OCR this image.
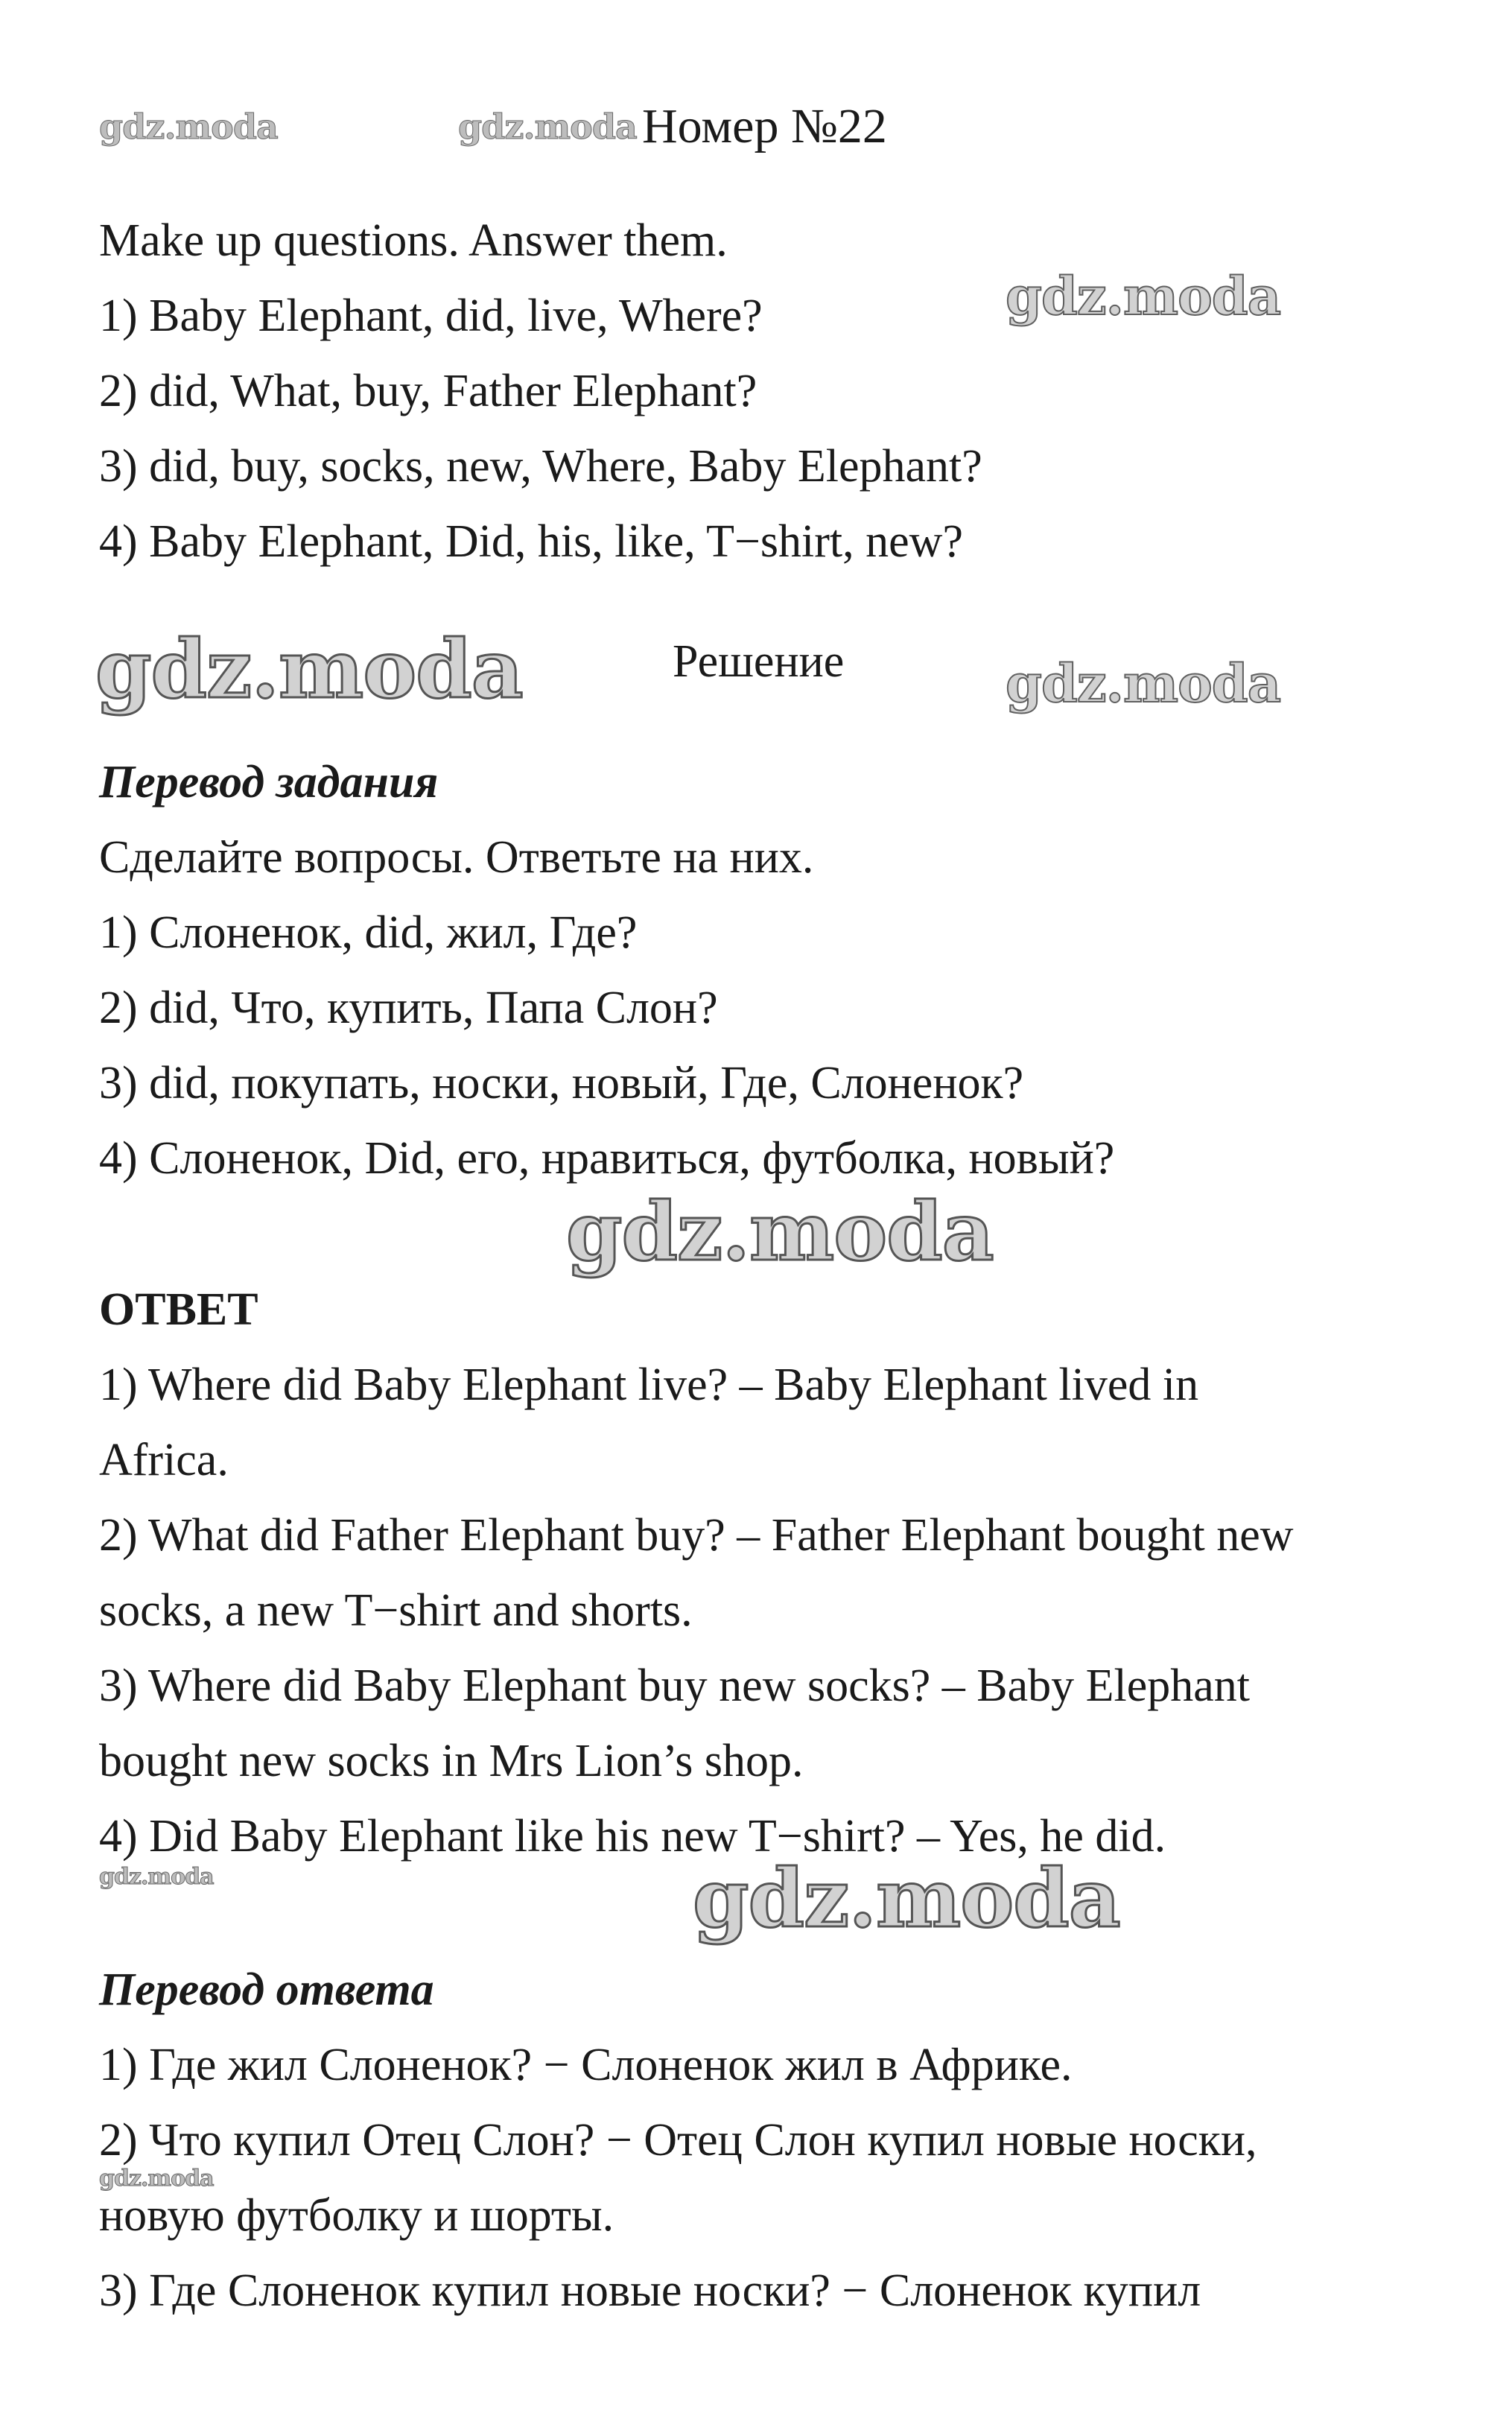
gdz.moda	gdz.moda Номер №22
Make up questions. Answer them.
1) Baby Elephant, did, live, Where?
2) did, What, buy, Father Elephant?
3) did, buy, socks, new, Where, Baby Elephant?
4) Baby Elephant, Did, his, like, T−shirt, new?
gdz.moda
gdz.moda	Решение	gdz.moda
Перевод задания
Сделайте вопросы. Ответьте на них.
1) Слоненок, did, жил, Где?
2) did, Что, купить, Папа Слон?
3) did, покупать, носки, новый, Где, Слоненок?
4) Слоненок, Did, его, нравиться, футболка, новый?
gdz.moda
ОТВЕТ
1) Where did Baby Elephant live? – Baby Elephant lived in
Africa.
2) What did Father Elephant buy? – Father Elephant bought new
socks, a new T−shirt and shorts.
3) Where did Baby Elephant buy new socks? – Baby Elephant
bought new socks in Mrs Lion’s shop.
4) Did Baby Elephant like his new T−shirt? – Yes, he did.
gdz.moda	gdz.moda
Перевод ответа
1) Где жил Слоненок? − Слоненок жил в Африке.
2) Что купил Отец Слон? − Отец Слон купил новые носки,
gdz.moda
новую футболку и шорты.
3) Где Слоненок купил новые носки? − Слоненок купил
